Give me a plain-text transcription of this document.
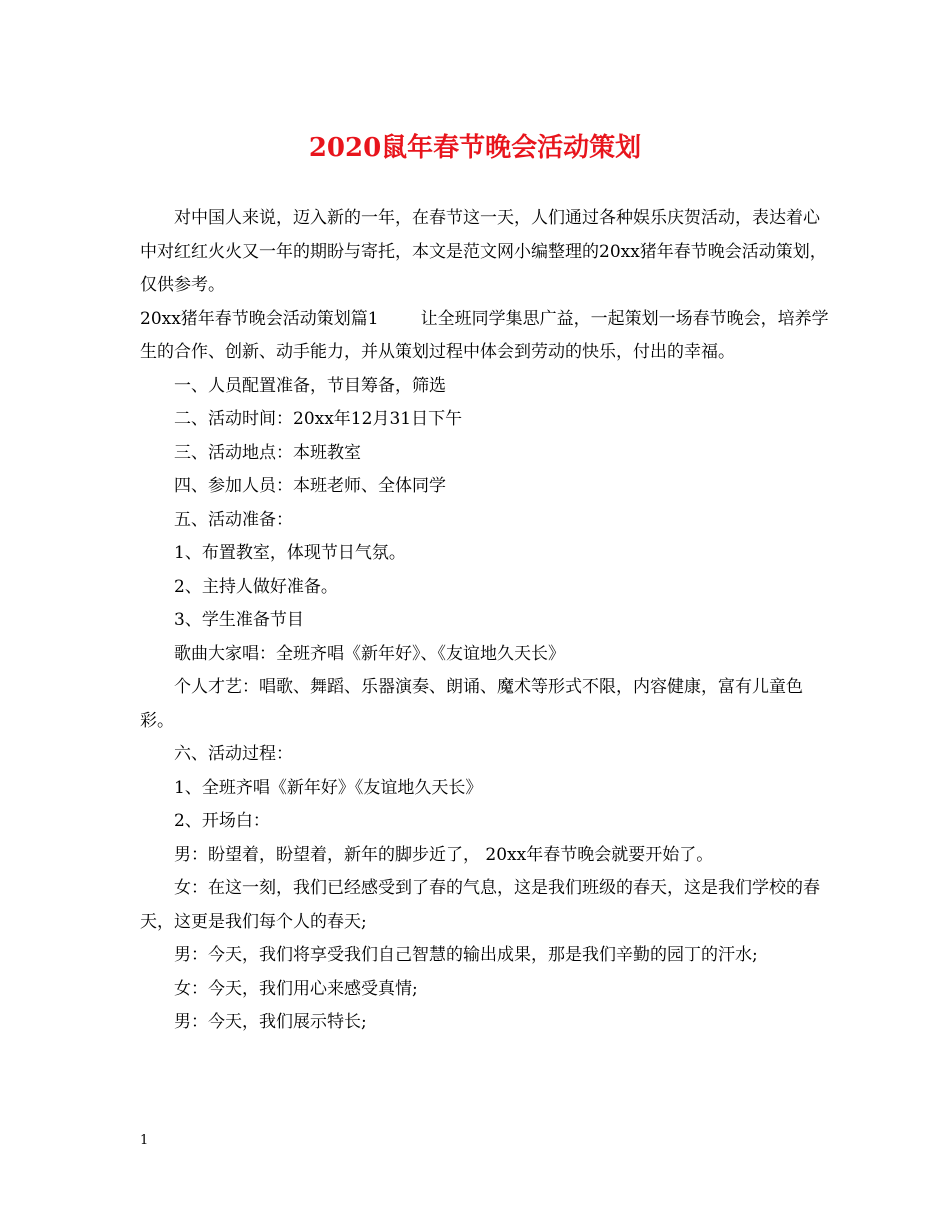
2020鼠年春节晚会活动策划

对中国人来说，迈入新的一年，在春节这一天，人们通过各种娱乐庆贺活动，表达着心中对红红火火又一年的期盼与寄托，本文是范文网小编整理的20xx猪年春节晚会活动策划，仅供参考。

20xx猪年春节晚会活动策划篇1 让全班同学集思广益，一起策划一场春节晚会，培养学生的合作、创新、动手能力，并从策划过程中体会到劳动的快乐，付出的幸福。

一、人员配置准备，节目筹备，筛选

二、活动时间：20xx年12月31日下午

三、活动地点：本班教室

四、参加人员：本班老师、全体同学

五、活动准备：

1、布置教室，体现节日气氛。

2、主持人做好准备。

3、学生准备节目

歌曲大家唱：全班齐唱《新年好》、《友谊地久天长》

个人才艺：唱歌、舞蹈、乐器演奏、朗诵、魔术等形式不限，内容健康，富有儿童色彩。

六、活动过程：

1、全班齐唱《新年好》《友谊地久天长》

2、开场白：

男：盼望着，盼望着，新年的脚步近了， 20xx年春节晚会就要开始了。

女：在这一刻，我们已经感受到了春的气息，这是我们班级的春天，这是我们学校的春天，这更是我们每个人的春天;

男：今天，我们将享受我们自己智慧的输出成果，那是我们辛勤的园丁的汗水;

女：今天，我们用心来感受真情;

男：今天，我们展示特长;

1
